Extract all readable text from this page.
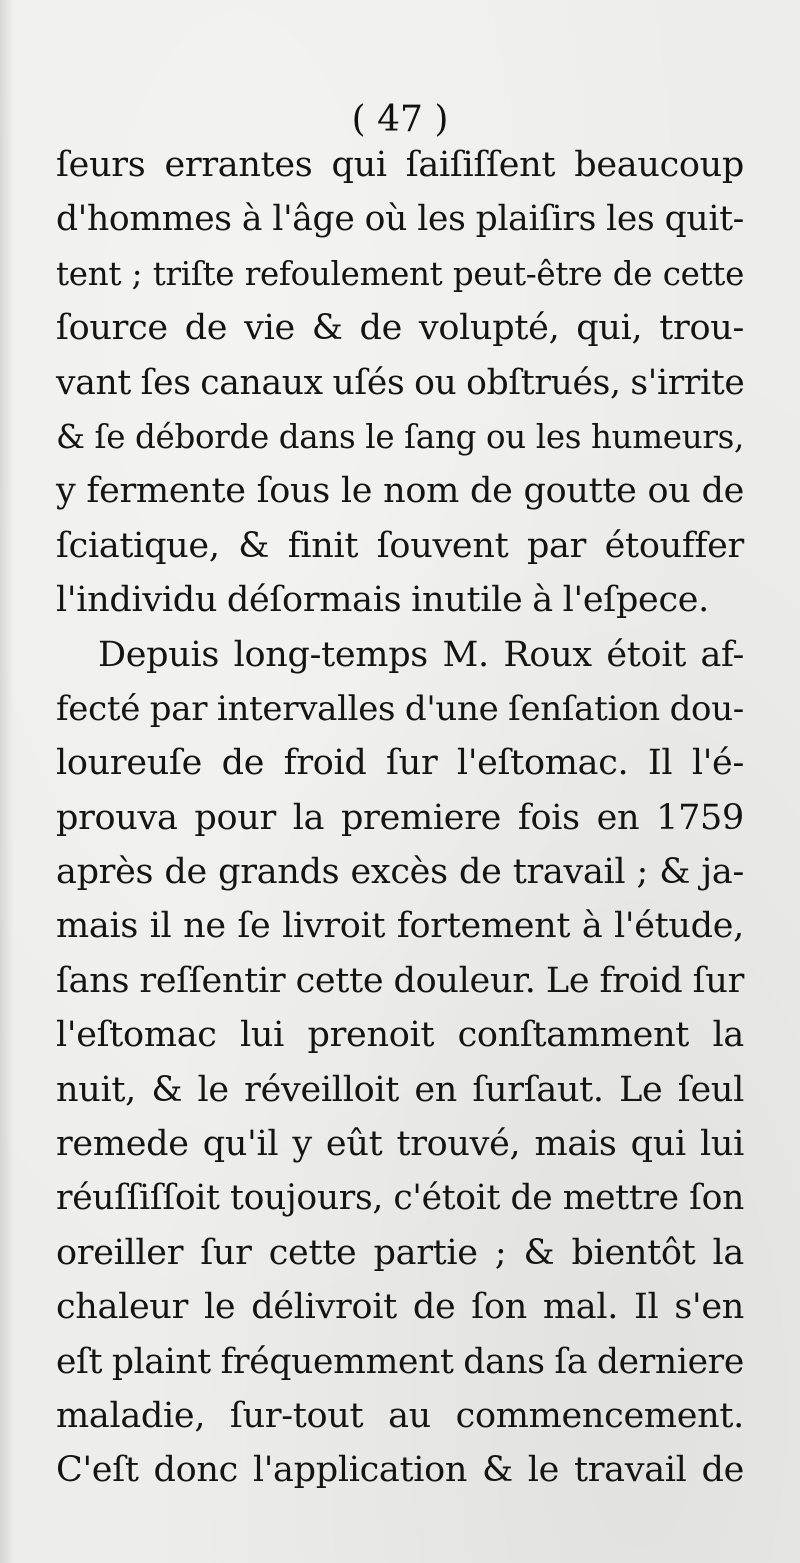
( 47 )
ſeurs errantes qui ſaiſiſſent beaucoup
d'hommes à l'âge où les plaiſirs les quit-
tent ; triſte refoulement peut-être de cette
ſource de vie & de volupté, qui, trou-
vant ſes canaux uſés ou obſtrués, s'irrite
& ſe déborde dans le ſang ou les humeurs,
y fermente ſous le nom de goutte ou de
ſciatique, & finit ſouvent par étouffer
l'individu déſormais inutile à l'eſpece.
Depuis long-temps M. Roux étoit af-
fecté par intervalles d'une ſenſation dou-
loureuſe de froid ſur l'eſtomac. Il l'é-
prouva pour la premiere fois en 1759
après de grands excès de travail ; & ja-
mais il ne ſe livroit fortement à l'étude,
ſans reſſentir cette douleur. Le froid ſur
l'eſtomac lui prenoit conſtamment la
nuit, & le réveilloit en ſurſaut. Le ſeul
remede qu'il y eût trouvé, mais qui lui
réuſſiſſoit toujours, c'étoit de mettre ſon
oreiller ſur cette partie ; & bientôt la
chaleur le délivroit de ſon mal. Il s'en
eſt plaint fréquemment dans ſa derniere
maladie, ſur-tout au commencement.
C'eſt donc l'application & le travail de
